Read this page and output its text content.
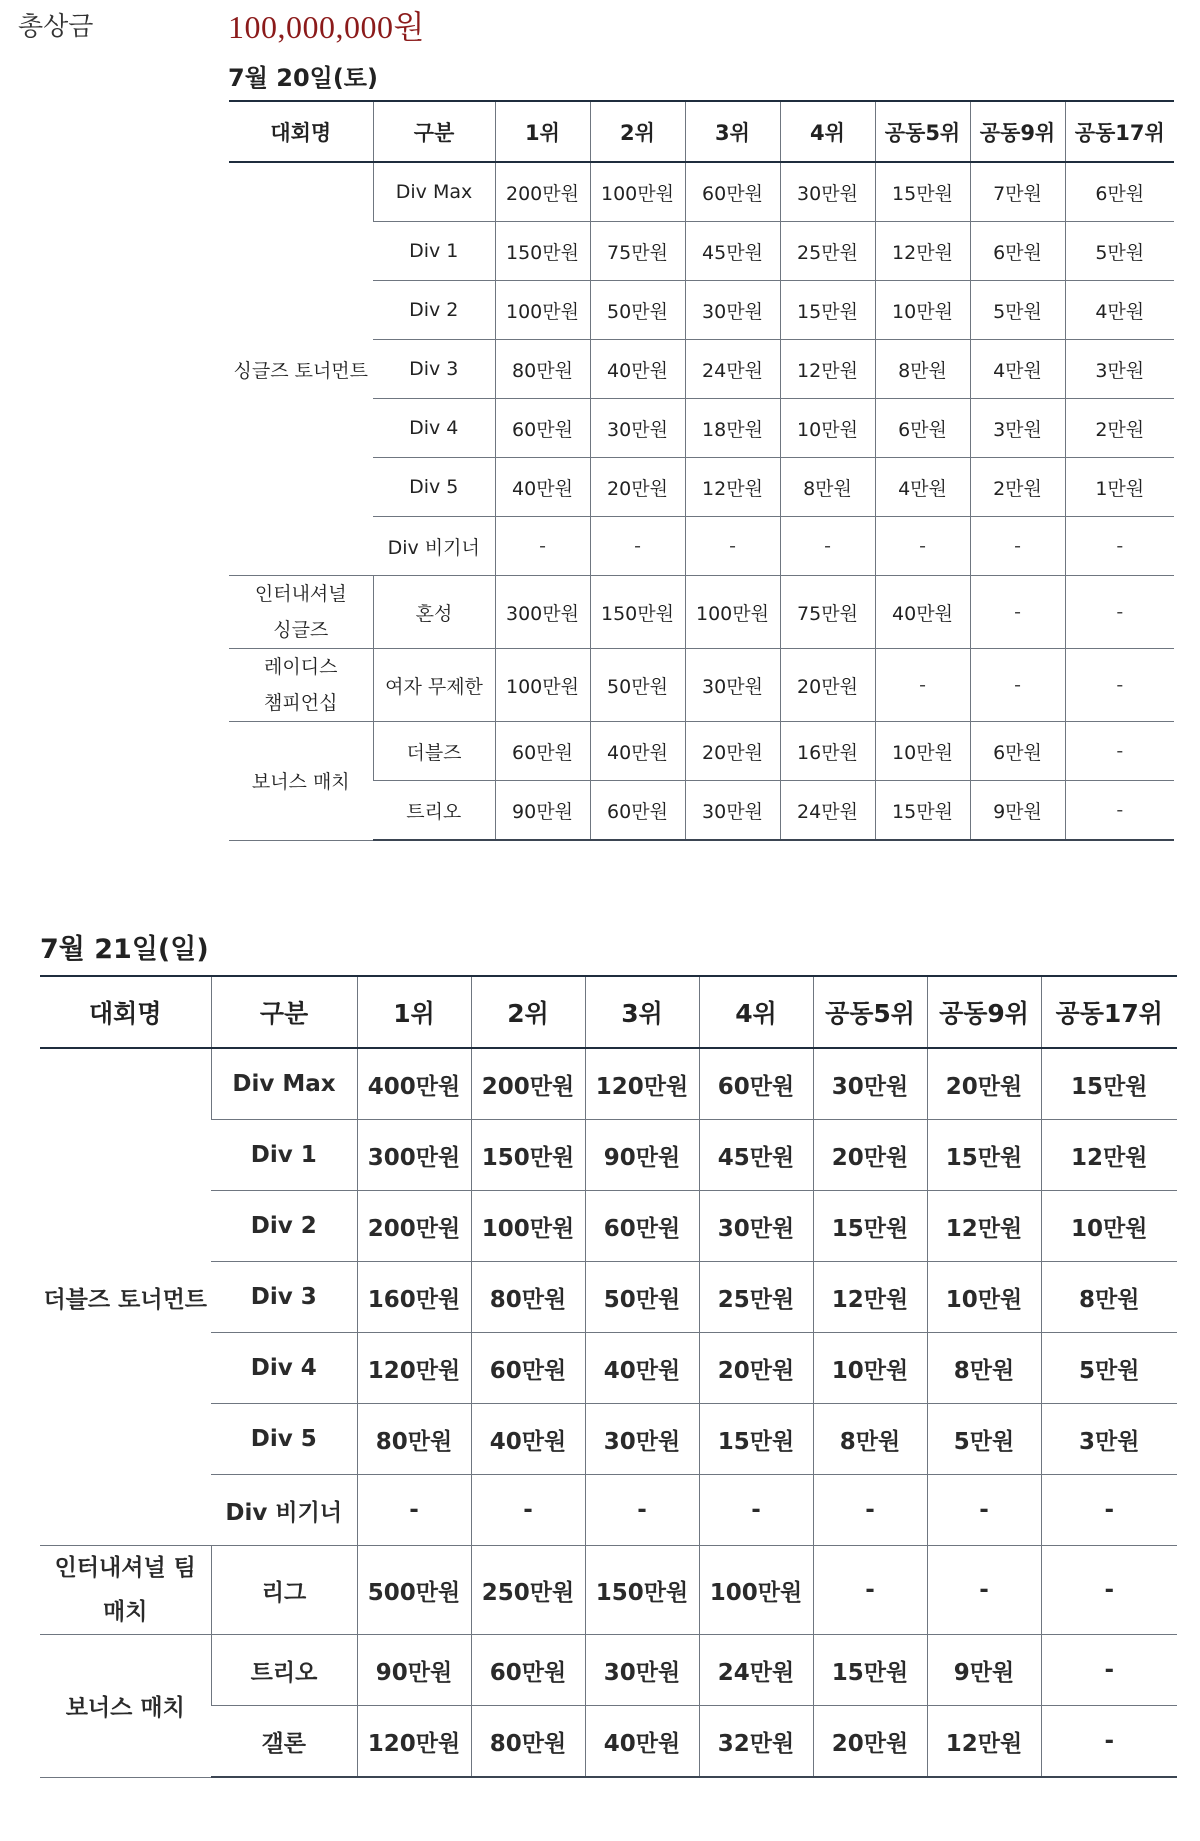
총상금	100,000,000원
7월 20일(토)
대회명	구분	1위	2위	3위	4위	공동5위	공동9위	공동17위
싱글즈 토너먼트	Div Max	200만원	100만원	60만원	30만원	15만원	7만원	6만원
	Div 1	150만원	75만원	45만원	25만원	12만원	6만원	5만원
	Div 2	100만원	50만원	30만원	15만원	10만원	5만원	4만원
	Div 3	80만원	40만원	24만원	12만원	8만원	4만원	3만원
	Div 4	60만원	30만원	18만원	10만원	6만원	3만원	2만원
	Div 5	40만원	20만원	12만원	8만원	4만원	2만원	1만원
	Div 비기너	-	-	-	-	-	-	-
인터내셔널
싱글즈	혼성	300만원	150만원	100만원	75만원	40만원	-	-
레이디스
챔피언십	여자 무제한	100만원	50만원	30만원	20만원	-	-	-
보너스 매치	더블즈	60만원	40만원	20만원	16만원	10만원	6만원	-
	트리오	90만원	60만원	30만원	24만원	15만원	9만원	-
7월 21일(일)
대회명	구분	1위	2위	3위	4위	공동5위	공동9위	공동17위
더블즈 토너먼트	Div Max	400만원	200만원	120만원	60만원	30만원	20만원	15만원
	Div 1	300만원	150만원	90만원	45만원	20만원	15만원	12만원
	Div 2	200만원	100만원	60만원	30만원	15만원	12만원	10만원
	Div 3	160만원	80만원	50만원	25만원	12만원	10만원	8만원
	Div 4	120만원	60만원	40만원	20만원	10만원	8만원	5만원
	Div 5	80만원	40만원	30만원	15만원	8만원	5만원	3만원
	Div 비기너	-	-	-	-	-	-	-
인터내셔널 팀
매치	리그	500만원	250만원	150만원	100만원	-	-	-
보너스 매치	트리오	90만원	60만원	30만원	24만원	15만원	9만원	-
	갤론	120만원	80만원	40만원	32만원	20만원	12만원	-
